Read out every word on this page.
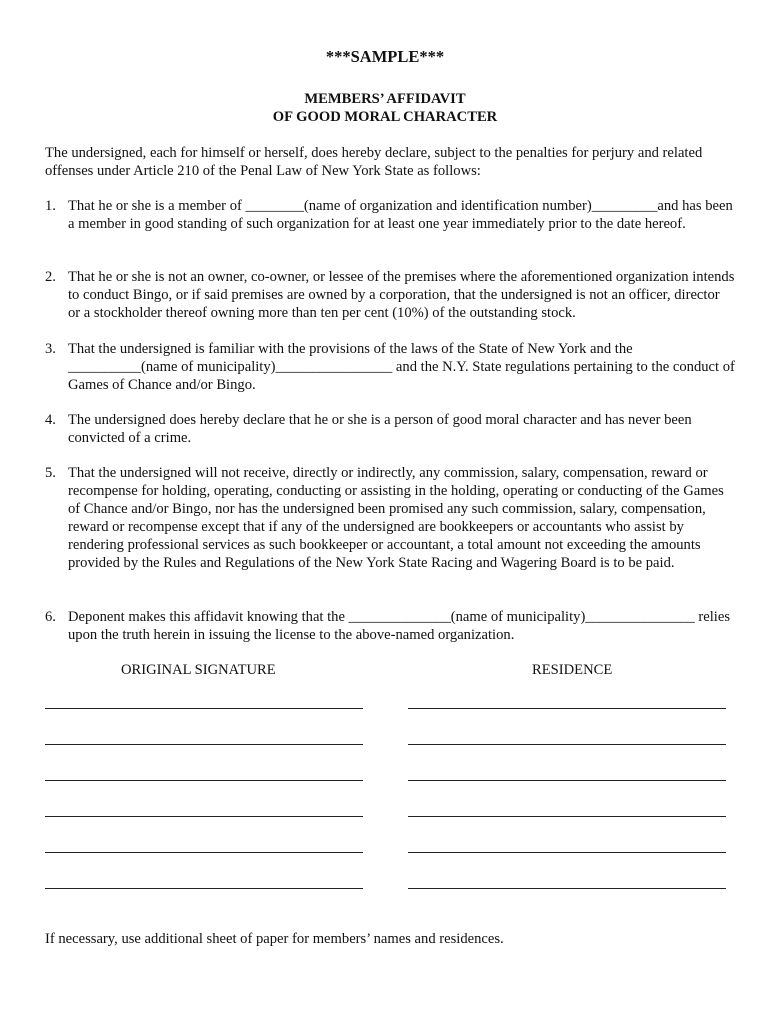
***SAMPLE***
MEMBERS’ AFFIDAVIT
OF GOOD MORAL CHARACTER
The undersigned, each for himself or herself, does hereby declare, subject to the penalties for perjury and related offenses under Article 210 of the Penal Law of New York State as follows:
1. That he or she is a member of ________(name of organization and identification number)_________and has been a member in good standing of such organization for at least one year immediately prior to the date hereof.
2. That he or she is not an owner, co-owner, or lessee of the premises where the aforementioned organization intends to conduct Bingo, or if said premises are owned by a corporation, that the undersigned is not an officer, director or a stockholder thereof owning more than ten per cent (10%) of the outstanding stock.
3. That the undersigned is familiar with the provisions of the laws of the State of New York and the __________(name of municipality)________________ and the N.Y. State regulations pertaining to the conduct of Games of Chance and/or Bingo.
4. The undersigned does hereby declare that he or she is a person of good moral character and has never been convicted of a crime.
5. That the undersigned will not receive, directly or indirectly, any commission, salary, compensation, reward or recompense for holding, operating, conducting or assisting in the holding, operating or conducting of the Games of Chance and/or Bingo, nor has the undersigned been promised any such commission, salary, compensation, reward or recompense except that if any of the undersigned are bookkeepers or accountants who assist by rendering professional services as such bookkeeper or accountant, a total amount not exceeding the amounts provided by the Rules and Regulations of the New York State Racing and Wagering Board is to be paid.
6. Deponent makes this affidavit knowing that the ______________(name of municipality)_______________ relies upon the truth herein in issuing the license to the above-named organization.
ORIGINAL SIGNATURE	RESIDENCE
If necessary, use additional sheet of paper for members’ names and residences.
